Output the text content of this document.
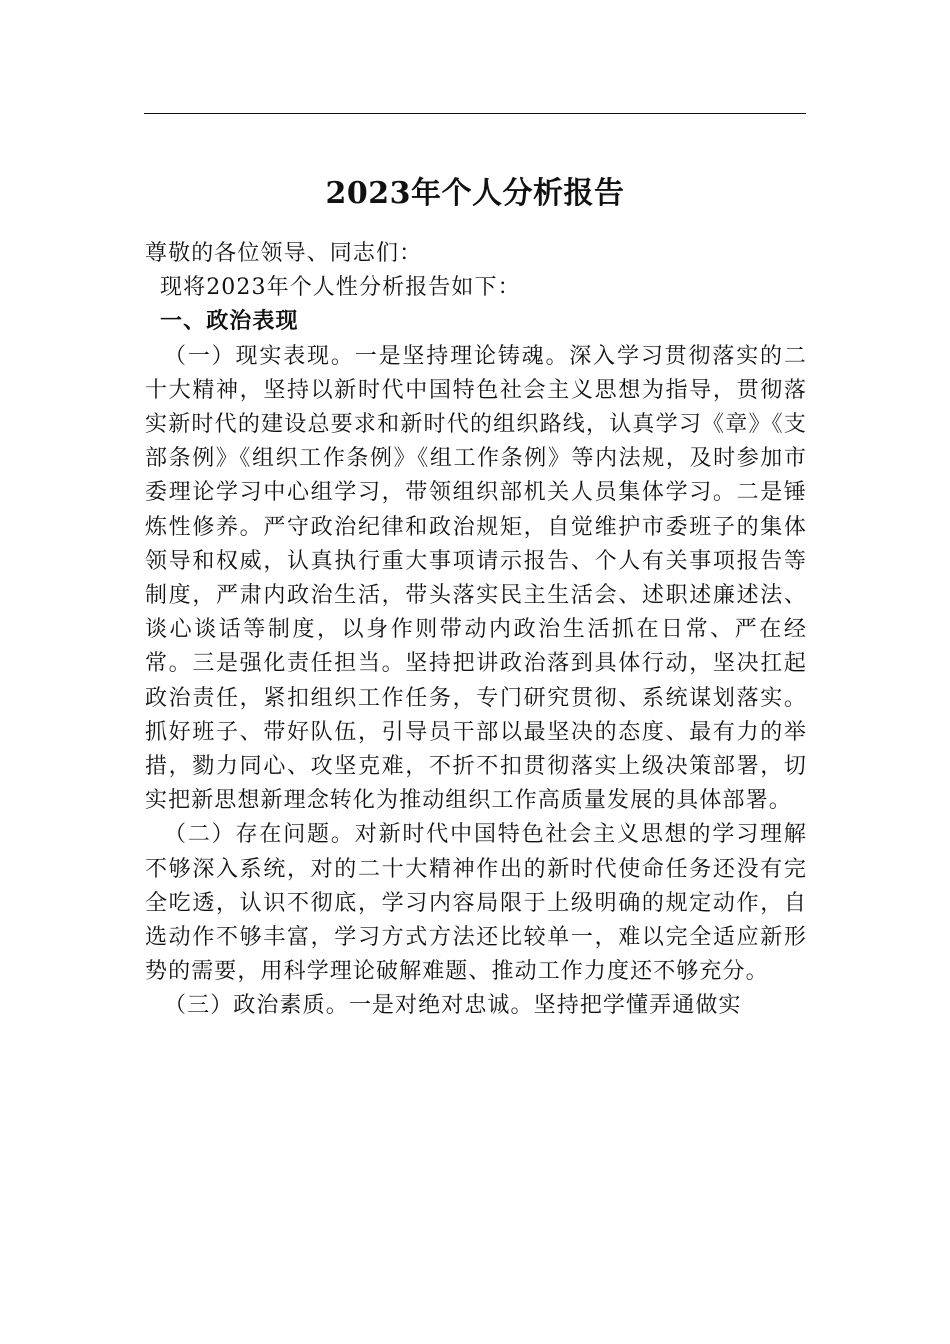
2023年个人分析报告

尊敬的各位领导、同志们：

现将2023年个人性分析报告如下：

一、政治表现

（一）现实表现。一是坚持理论铸魂。深入学习贯彻落实的二十大精神，坚持以新时代中国特色社会主义思想为指导，贯彻落实新时代的建设总要求和新时代的组织路线，认真学习《章》《支部条例》《组织工作条例》《组工作条例》等内法规，及时参加市委理论学习中心组学习，带领组织部机关人员集体学习。二是锤炼性修养。严守政治纪律和政治规矩，自觉维护市委班子的集体领导和权威，认真执行重大事项请示报告、个人有关事项报告等制度，严肃内政治生活，带头落实民主生活会、述职述廉述法、谈心谈话等制度，以身作则带动内政治生活抓在日常、严在经常。三是强化责任担当。坚持把讲政治落到具体行动，坚决扛起政治责任，紧扣组织工作任务，专门研究贯彻、系统谋划落实。抓好班子、带好队伍，引导员干部以最坚决的态度、最有力的举措，勠力同心、攻坚克难，不折不扣贯彻落实上级决策部署，切实把新思想新理念转化为推动组织工作高质量发展的具体部署。

（二）存在问题。对新时代中国特色社会主义思想的学习理解不够深入系统，对的二十大精神作出的新时代使命任务还没有完全吃透，认识不彻底，学习内容局限于上级明确的规定动作，自选动作不够丰富，学习方式方法还比较单一，难以完全适应新形势的需要，用科学理论破解难题、推动工作力度还不够充分。

（三）政治素质。一是对绝对忠诚。坚持把学懂弄通做实
